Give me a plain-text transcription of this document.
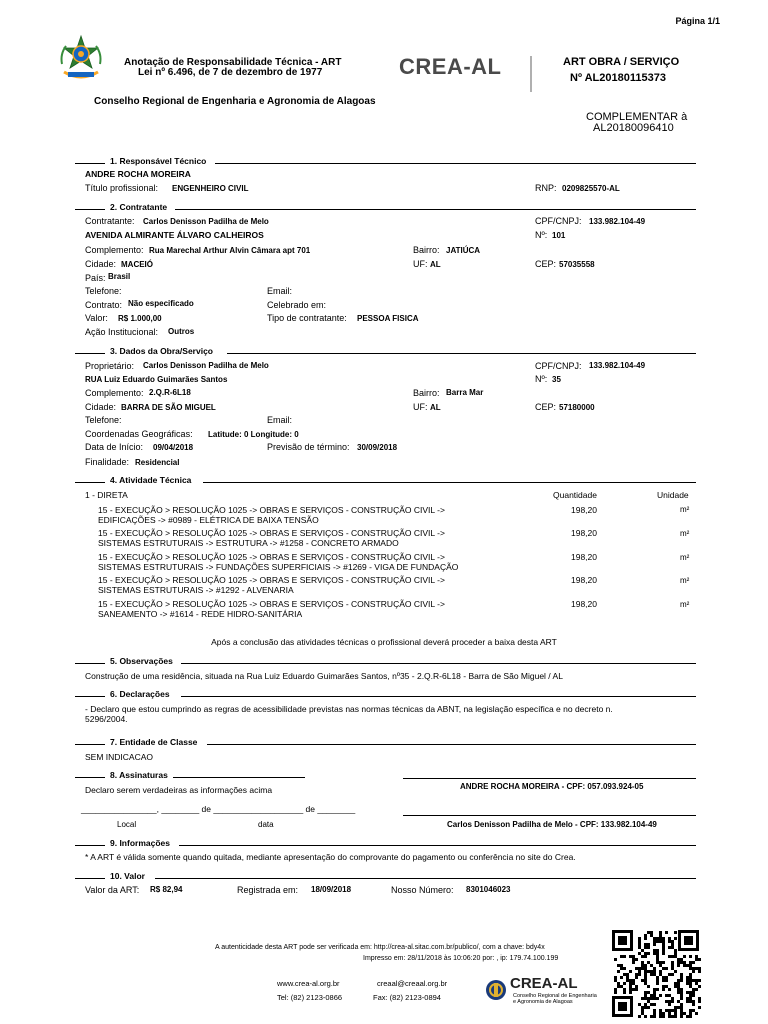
Página 1/1
Anotação de Responsabilidade Técnica - ART
Lei nº 6.496, de 7 de dezembro de 1977	CREA-AL	ART OBRA / SERVIÇO
Nº AL20180115373
Conselho Regional de Engenharia e Agronomia de Alagoas
COMPLEMENTAR à
AL20180096410
1. Responsável Técnico
ANDRE ROCHA MOREIRA
Título profissional: ENGENHEIRO CIVIL	RNP: 0209825570-AL
2. Contratante
Contratante: Carlos Denisson Padilha de Melo	CPF/CNPJ: 133.982.104-49
AVENIDA ALMIRANTE ÁLVARO CALHEIROS	Nº: 101
Complemento: Rua Marechal Arthur Alvin Câmara apt 701	Bairro: JATIÚCA
Cidade: MACEIÓ	UF: AL	CEP: 57035558
País: Brasil
Telefone:	Email:
Contrato: Não especificado	Celebrado em:
Valor: R$ 1.000,00	Tipo de contratante: PESSOA FISICA
Ação Institucional: Outros
3. Dados da Obra/Serviço
Proprietário: Carlos Denisson Padilha de Melo	CPF/CNPJ: 133.982.104-49
RUA Luiz Eduardo Guimarães Santos	Nº: 35
Complemento: 2.Q.R-6L18	Bairro: Barra Mar
Cidade: BARRA DE SÃO MIGUEL	UF: AL	CEP: 57180000
Telefone:	Email:
Coordenadas Geográficas: Latitude: 0 Longitude: 0
Data de Início: 09/04/2018	Previsão de término: 30/09/2018
Finalidade: Residencial
4. Atividade Técnica
1 - DIRETA	Quantidade	Unidade
15 - EXECUÇÃO > RESOLUÇÃO 1025 -> OBRAS E SERVIÇOS - CONSTRUÇÃO CIVIL ->
EDIFICAÇÕES -> #0989 - ELÉTRICA DE BAIXA TENSÃO
198,20	m²
15 - EXECUÇÃO > RESOLUÇÃO 1025 -> OBRAS E SERVIÇOS - CONSTRUÇÃO CIVIL ->
SISTEMAS ESTRUTURAIS -> ESTRUTURA -> #1258 - CONCRETO ARMADO
198,20	m²
15 - EXECUÇÃO > RESOLUÇÃO 1025 -> OBRAS E SERVIÇOS - CONSTRUÇÃO CIVIL ->
SISTEMAS ESTRUTURAIS -> FUNDAÇÕES SUPERFICIAIS -> #1269 - VIGA DE FUNDAÇÃO
198,20	m²
15 - EXECUÇÃO > RESOLUÇÃO 1025 -> OBRAS E SERVIÇOS - CONSTRUÇÃO CIVIL ->
SISTEMAS ESTRUTURAIS -> #1292 - ALVENARIA
198,20	m²
15 - EXECUÇÃO > RESOLUÇÃO 1025 -> OBRAS E SERVIÇOS - CONSTRUÇÃO CIVIL ->
SANEAMENTO -> #1614 - REDE HIDRO-SANITÁRIA
198,20	m²
Após a conclusão das atividades técnicas o profissional deverá proceder a baixa desta ART
5. Observações
Construção de uma residência, situada na Rua Luiz Eduardo Guimarães Santos, nº35 - 2.Q.R-6L18 - Barra de São Miguel / AL
6. Declarações
- Declaro que estou cumprindo as regras de acessibilidade previstas nas normas técnicas da ABNT, na legislação específica e no decreto n.
5296/2004.
7. Entidade de Classe
SEM INDICACAO
8. Assinaturas
ANDRE ROCHA MOREIRA - CPF: 057.093.924-05
Declaro serem verdadeiras as informações acima
________________, ________ de ___________________ de ________
Local	data	Carlos Denisson Padilha de Melo - CPF: 133.982.104-49
9. Informações
* A ART é válida somente quando quitada, mediante apresentação do comprovante do pagamento ou conferência no site do Crea.
10. Valor
Valor da ART: R$ 82,94	Registrada em: 18/09/2018	Nosso Número: 8301046023
A autenticidade desta ART pode ser verificada em: http://crea-al.sitac.com.br/publico/, com a chave: bdy4x
Impresso em: 28/11/2018 às 10:06:20 por: , ip: 179.74.100.199
www.crea-al.org.br	creaal@creaal.org.br
Tel: (82) 2123-0866	Fax: (82) 2123-0894
CREA-AL
Conselho Regional de Engenharia
e Agronomia de Alagoas
